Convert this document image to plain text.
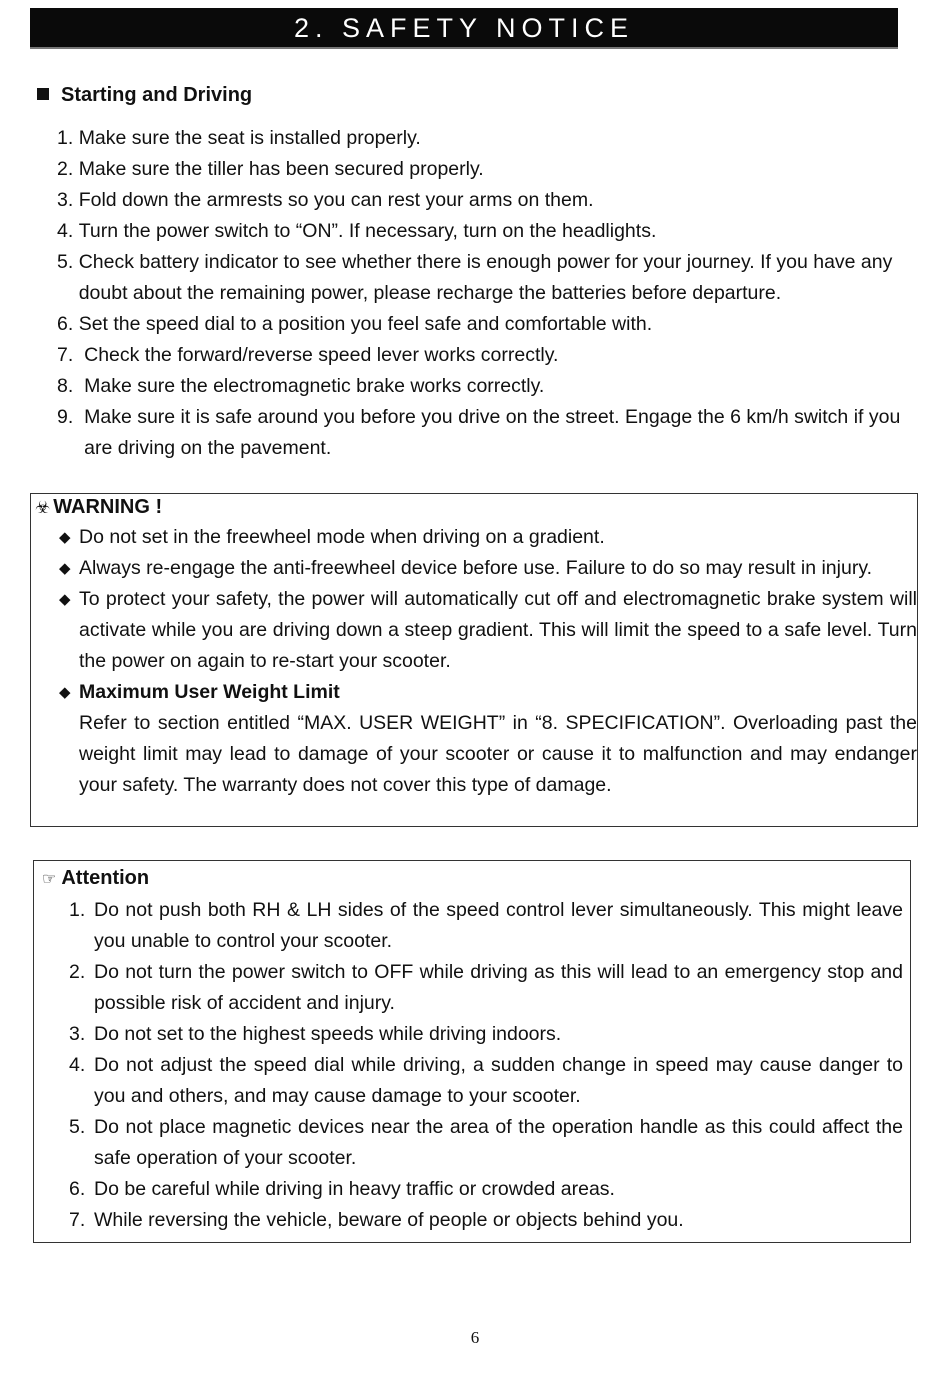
2. SAFETY NOTICE
Starting and Driving
1. Make sure the seat is installed properly.
2. Make sure the tiller has been secured properly.
3. Fold down the armrests so you can rest your arms on them.
4. Turn the power switch to “ON”. If necessary, turn on the headlights.
5. Check battery indicator to see whether there is enough power for your journey. If you have any doubt about the remaining power, please recharge the batteries before departure.
6. Set the speed dial to a position you feel safe and comfortable with.
7. Check the forward/reverse speed lever works correctly.
8. Make sure the electromagnetic brake works correctly.
9. Make sure it is safe around you before you drive on the street. Engage the 6 km/h switch if you are driving on the pavement.
☣ WARNING !
◆ Do not set in the freewheel mode when driving on a gradient.
◆ Always re-engage the anti-freewheel device before use. Failure to do so may result in injury.
◆ To protect your safety, the power will automatically cut off and electromagnetic brake system will activate while you are driving down a steep gradient. This will limit the speed to a safe level. Turn the power on again to re-start your scooter.
◆ Maximum User Weight Limit
Refer to section entitled “MAX. USER WEIGHT” in “8. SPECIFICATION”. Overloading past the weight limit may lead to damage of your scooter or cause it to malfunction and may endanger your safety. The warranty does not cover this type of damage.
☞ Attention
1. Do not push both RH & LH sides of the speed control lever simultaneously. This might leave you unable to control your scooter.
2. Do not turn the power switch to OFF while driving as this will lead to an emergency stop and possible risk of accident and injury.
3. Do not set to the highest speeds while driving indoors.
4. Do not adjust the speed dial while driving, a sudden change in speed may cause danger to you and others, and may cause damage to your scooter.
5. Do not place magnetic devices near the area of the operation handle as this could affect the safe operation of your scooter.
6. Do be careful while driving in heavy traffic or crowded areas.
7. While reversing the vehicle, beware of people or objects behind you.
6
